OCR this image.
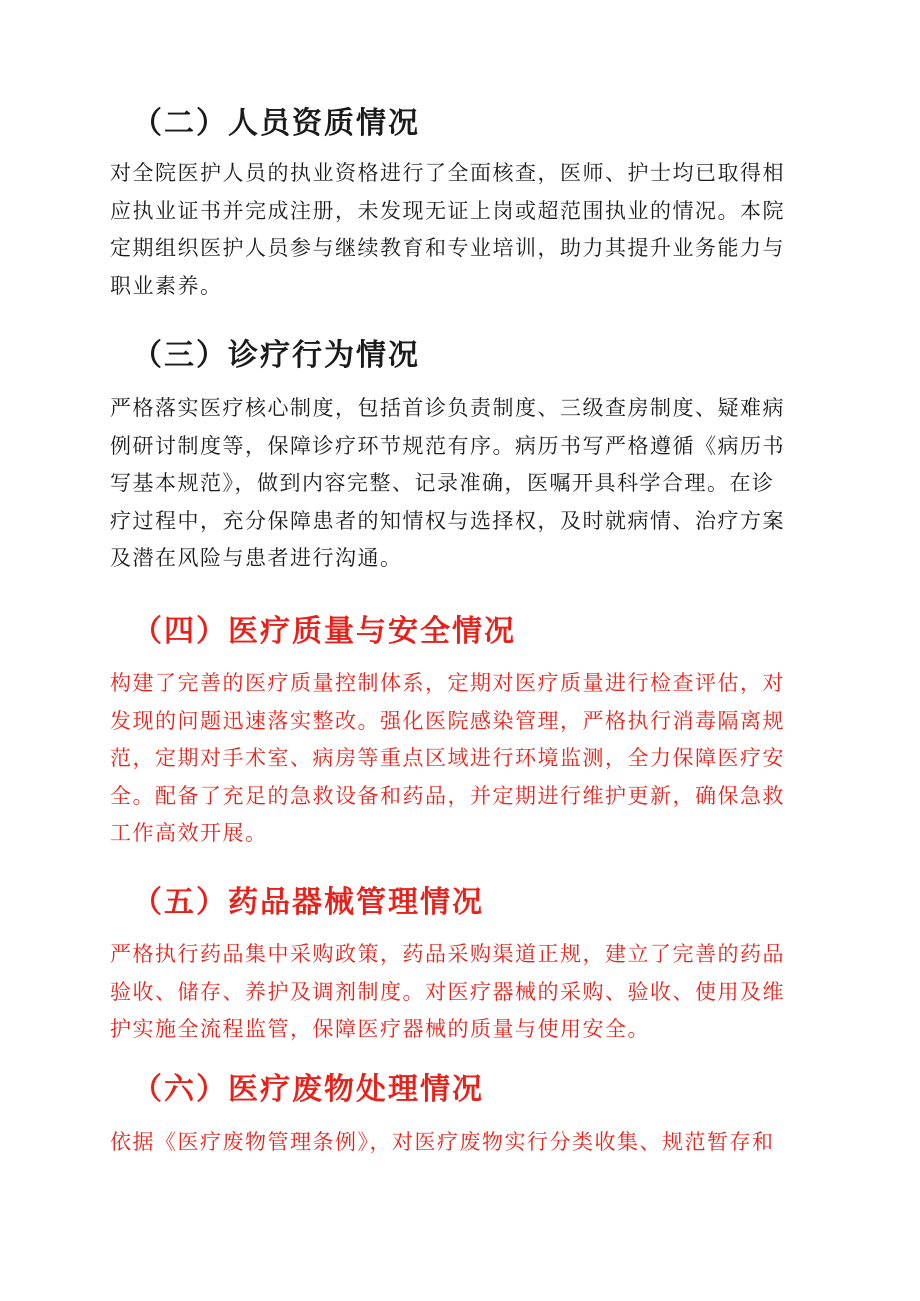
（二）人员资质情况
对全院医护人员的执业资格进行了全面核查，医师、护士均已取得相
应执业证书并完成注册，未发现无证上岗或超范围执业的情况。本院
定期组织医护人员参与继续教育和专业培训，助力其提升业务能力与
职业素养。
（三）诊疗行为情况
严格落实医疗核心制度，包括首诊负责制度、三级查房制度、疑难病
例研讨制度等，保障诊疗环节规范有序。病历书写严格遵循《病历书
写基本规范》，做到内容完整、记录准确，医嘱开具科学合理。在诊
疗过程中，充分保障患者的知情权与选择权，及时就病情、治疗方案
及潜在风险与患者进行沟通。
（四）医疗质量与安全情况
构建了完善的医疗质量控制体系，定期对医疗质量进行检查评估，对
发现的问题迅速落实整改。强化医院感染管理，严格执行消毒隔离规
范，定期对手术室、病房等重点区域进行环境监测，全力保障医疗安
全。配备了充足的急救设备和药品，并定期进行维护更新，确保急救
工作高效开展。
（五）药品器械管理情况
严格执行药品集中采购政策，药品采购渠道正规，建立了完善的药品
验收、储存、养护及调剂制度。对医疗器械的采购、验收、使用及维
护实施全流程监管，保障医疗器械的质量与使用安全。
（六）医疗废物处理情况
依据《医疗废物管理条例》，对医疗废物实行分类收集、规范暂存和
